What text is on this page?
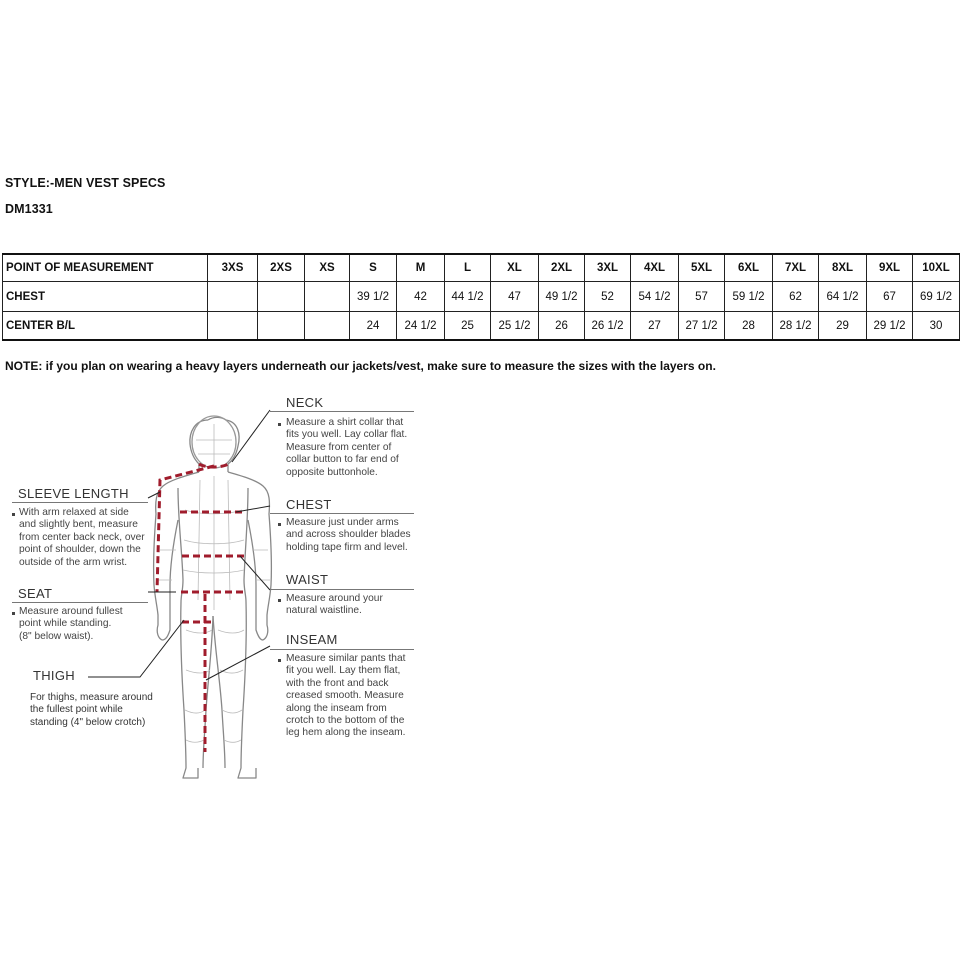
STYLE:-MEN VEST SPECS
DM1331
POINT OF MEASUREMENT	3XS	2XS	XS	S	M	L	XL	2XL	3XL	4XL	5XL	6XL	7XL	8XL	9XL	10XL
CHEST				39 1/2	42	44 1/2	47	49 1/2	52	54 1/2	57	59 1/2	62	64 1/2	67	69 1/2
CENTER B/L				24	24 1/2	25	25 1/2	26	26 1/2	27	27 1/2	28	28 1/2	29	29 1/2	30
NOTE: if you plan on wearing a heavy layers underneath our jackets/vest, make sure to measure the sizes with the layers on.
NECK
Measure a shirt collar that
fits you well. Lay collar flat.
Measure from center of
collar button to far end of
opposite buttonhole.
CHEST
Measure just under arms
and across shoulder blades
holding tape firm and level.
WAIST
Measure around your
natural waistline.
INSEAM
Measure similar pants that
fit you well. Lay them flat,
with the front and back
creased smooth. Measure
along the inseam from
crotch to the bottom of the
leg hem along the inseam.
SLEEVE LENGTH
With arm relaxed at side
and slightly bent, measure
from center back neck, over
point of shoulder, down the
outside of the arm wrist.
SEAT
Measure around fullest
point while standing.
(8" below waist).
THIGH
For thighs, measure around
the fullest point while
standing (4" below crotch)
